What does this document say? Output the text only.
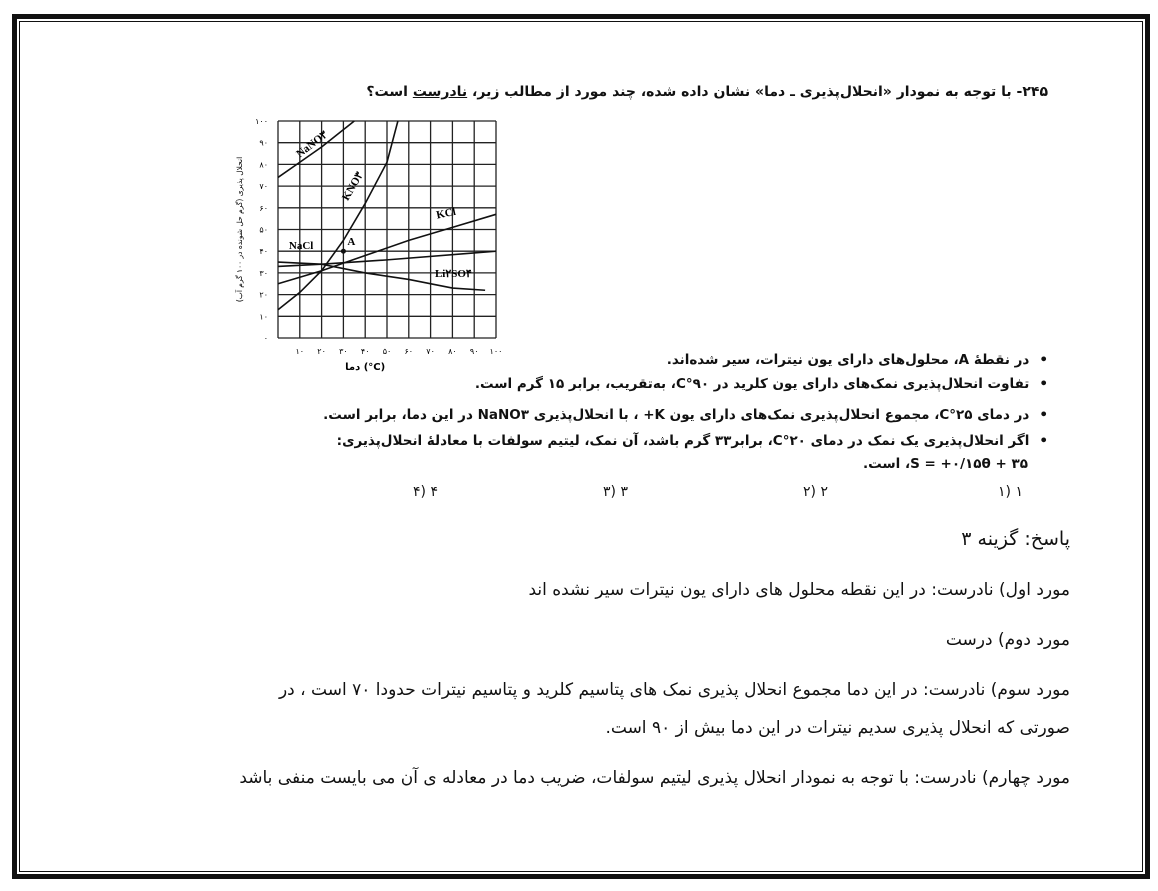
۲۴۵- با توجه به نمودار «انحلال‌پذیری ـ دما» نشان داده شده، چند مورد از مطالب زیر، نادرست است؟
۰
۱۰
۲۰
۳۰
۴۰
۵۰
۶۰
۷۰
۸۰
۹۰
۱۰۰
۱۰ ۲۰ ۳۰ ۴۰ ۵۰ ۶۰ ۷۰ ۸۰ ۹۰ ۱۰۰
دما (°C)
انحلال پذیری (گرم حل شونده در ۱۰۰ گرم آب)
NaNO۳
KNO۳
KCl
NaCl
Li۲SO۴
A
• در نقطهٔ A، محلول‌های دارای یون نیترات، سیر شده‌اند.
• تفاوت انحلال‌پذیری نمک‌های دارای یون کلرید در ۹۰°C، به‌تقریب، برابر ۱۵ گرم است.
• در دمای ۲۵°C، مجموع انحلال‌پذیری نمک‌های دارای یون K+ ، با انحلال‌پذیری NaNO۳ در این دما، برابر است.
• اگر انحلال‌پذیری یک نمک در دمای ۲۰°C، برابر۳۳ گرم باشد، آن نمک، لیتیم سولفات با معادلهٔ انحلال‌پذیری:
S = +۰/۱۵θ + ۳۵، است.
۱ (۱
۲ (۲
۳ (۳
۴ (۴
پاسخ: گزینه ۳
مورد اول) نادرست: در این نقطه محلول های دارای یون نیترات سیر نشده اند
مورد دوم) درست
مورد سوم) نادرست: در این دما مجموع انحلال پذیری نمک های پتاسیم کلرید و پتاسیم نیترات حدودا ۷۰ است ، در
صورتی که انحلال پذیری سدیم نیترات در این دما بیش از ۹۰ است.
مورد چهارم) نادرست: با توجه به نمودار انحلال پذیری لیتیم سولفات، ضریب دما در معادله ی آن می بایست منفی باشد
